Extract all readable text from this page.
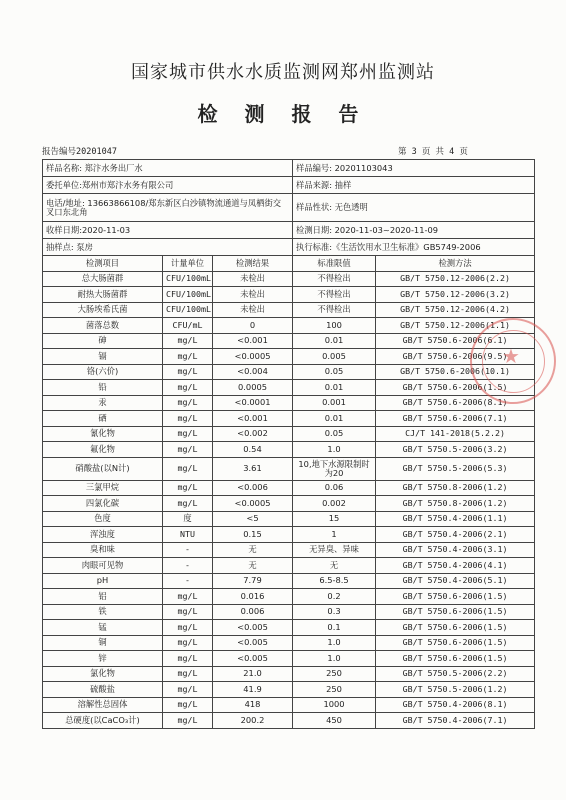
国家城市供水水质监测网郑州监测站
检 测 报 告
报告编号20201047	第 3 页 共 4 页
样品名称: 郑汴水务出厂水			样品编号: 20201103043	
委托单位:郑州市郑汴水务有限公司			样品来源: 抽样	
电话/地址: 13663866108/郑东新区白沙镇物流通道与凤栖街交叉口东北角			样品性状: 无色透明	
收样日期:2020-11-03			检测日期: 2020-11-03~2020-11-09	
抽样点: 泵房			执行标准:《生活饮用水卫生标准》GB5749-2006	
检测项目	计量单位	检测结果	标准限值	检测方法
总大肠菌群	CFU/100mL	未检出	不得检出	GB/T 5750.12-2006(2.2)
耐热大肠菌群	CFU/100mL	未检出	不得检出	GB/T 5750.12-2006(3.2)
大肠埃希氏菌	CFU/100mL	未检出	不得检出	GB/T 5750.12-2006(4.2)
菌落总数	CFU/mL	0	100	GB/T 5750.12-2006(1.1)
砷	mg/L	<0.001	0.01	GB/T 5750.6-2006(6.1)
镉	mg/L	<0.0005	0.005	GB/T 5750.6-2006(9.5)
铬(六价)	mg/L	<0.004	0.05	GB/T 5750.6-2006(10.1)
铅	mg/L	0.0005	0.01	GB/T 5750.6-2006(1.5)
汞	mg/L	<0.0001	0.001	GB/T 5750.6-2006(8.1)
硒	mg/L	<0.001	0.01	GB/T 5750.6-2006(7.1)
氰化物	mg/L	<0.002	0.05	CJ/T 141-2018(5.2.2)
氟化物	mg/L	0.54	1.0	GB/T 5750.5-2006(3.2)
硝酸盐(以N计)	mg/L	3.61	10,地下水源限制时为20	GB/T 5750.5-2006(5.3)
三氯甲烷	mg/L	<0.006	0.06	GB/T 5750.8-2006(1.2)
四氯化碳	mg/L	<0.0005	0.002	GB/T 5750.8-2006(1.2)
色度	度	<5	15	GB/T 5750.4-2006(1.1)
浑浊度	NTU	0.15	1	GB/T 5750.4-2006(2.1)
臭和味	-	无	无异臭、异味	GB/T 5750.4-2006(3.1)
肉眼可见物	-	无	无	GB/T 5750.4-2006(4.1)
pH	-	7.79	6.5-8.5	GB/T 5750.4-2006(5.1)
铝	mg/L	0.016	0.2	GB/T 5750.6-2006(1.5)
铁	mg/L	0.006	0.3	GB/T 5750.6-2006(1.5)
锰	mg/L	<0.005	0.1	GB/T 5750.6-2006(1.5)
铜	mg/L	<0.005	1.0	GB/T 5750.6-2006(1.5)
锌	mg/L	<0.005	1.0	GB/T 5750.6-2006(1.5)
氯化物	mg/L	21.0	250	GB/T 5750.5-2006(2.2)
硫酸盐	mg/L	41.9	250	GB/T 5750.5-2006(1.2)
溶解性总固体	mg/L	418	1000	GB/T 5750.4-2006(8.1)
总硬度(以CaCO₃计)	mg/L	200.2	450	GB/T 5750.4-2006(7.1)
★
